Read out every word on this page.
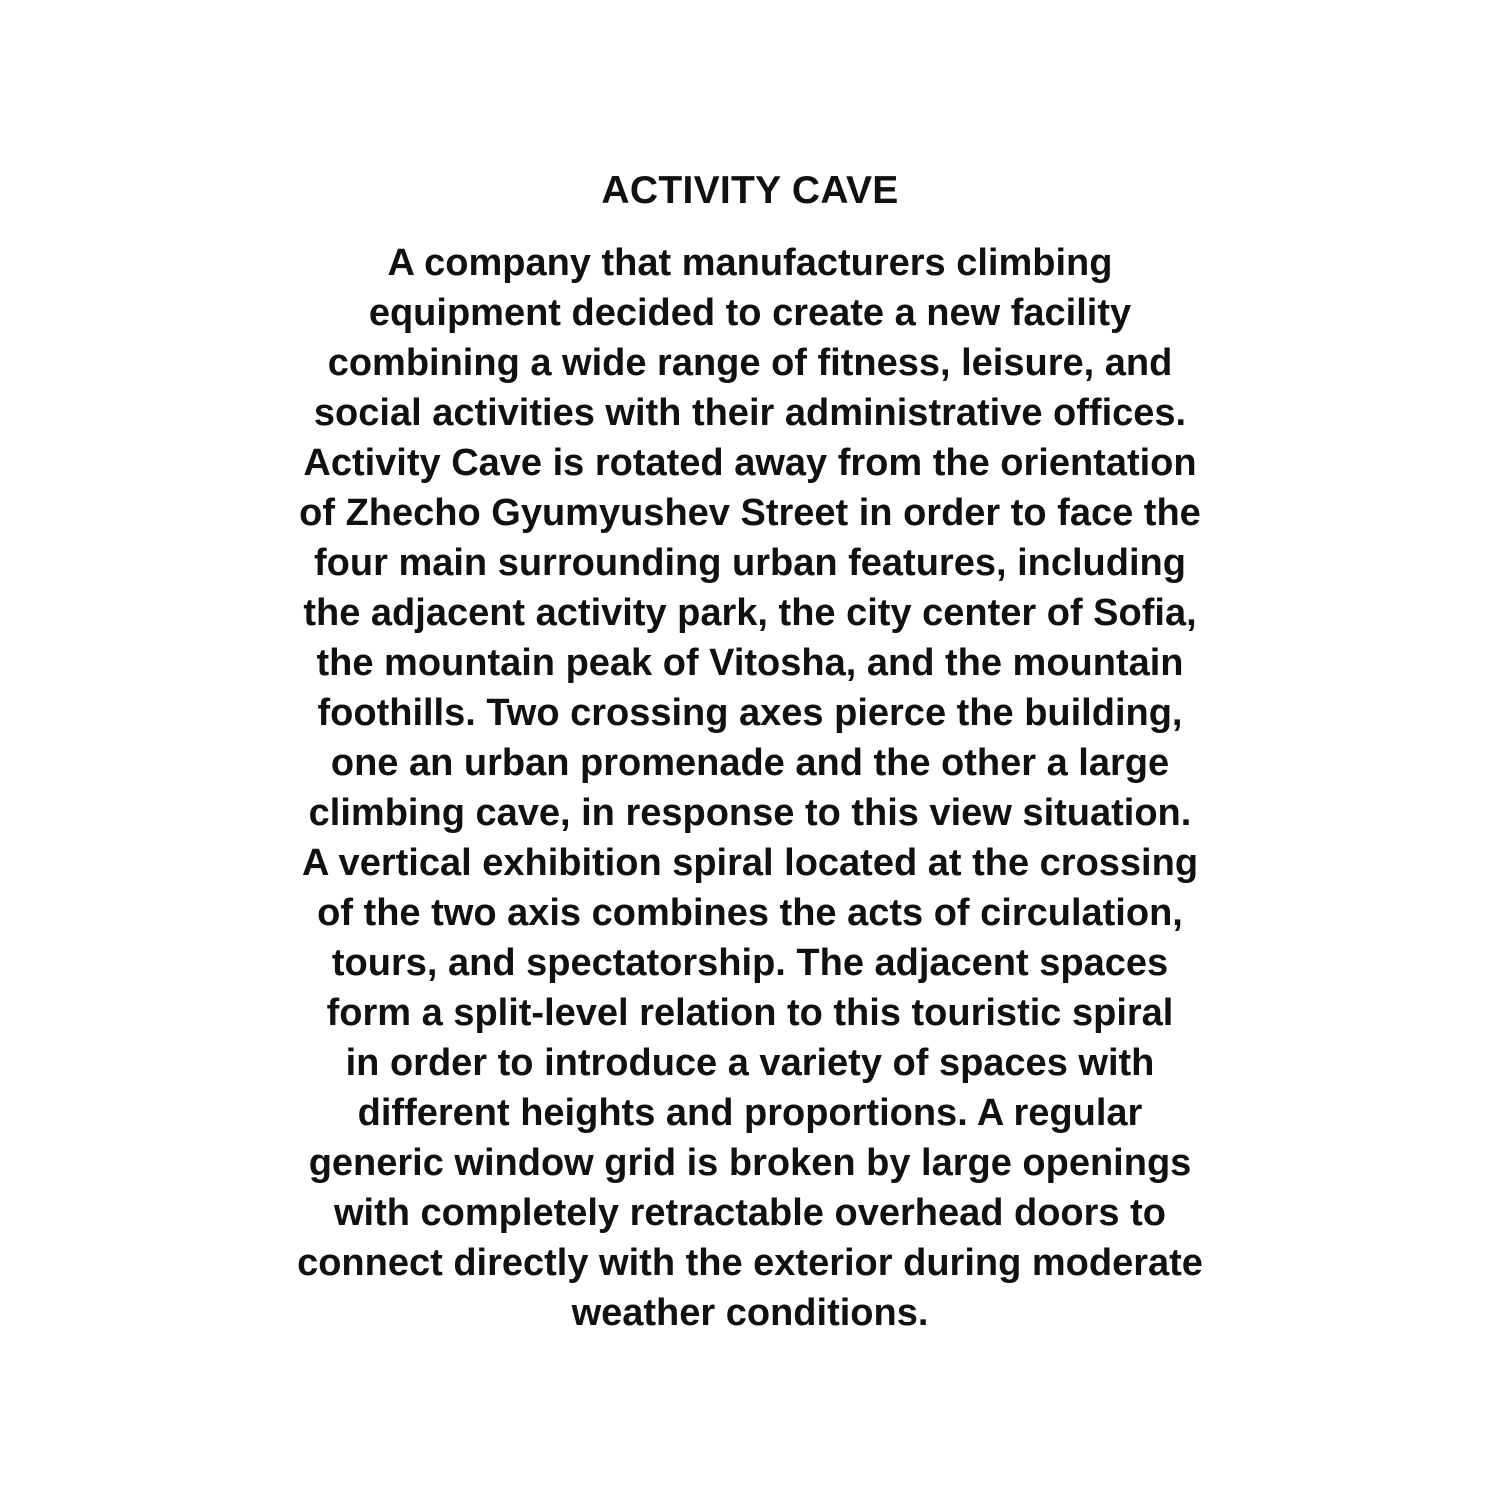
ACTIVITY CAVE
A company that manufacturers climbing
equipment decided to create a new facility
combining a wide range of fitness, leisure, and
social activities with their administrative offices.
Activity Cave is rotated away from the orientation
of Zhecho Gyumyushev Street in order to face the
four main surrounding urban features, including
the adjacent activity park, the city center of Sofia,
the mountain peak of Vitosha, and the mountain
foothills. Two crossing axes pierce the building,
one an urban promenade and the other a large
climbing cave, in response to this view situation.
A vertical exhibition spiral located at the crossing
of the two axis combines the acts of circulation,
tours, and spectatorship. The adjacent spaces
form a split-level relation to this touristic spiral
in order to introduce a variety of spaces with
different heights and proportions. A regular
generic window grid is broken by large openings
with completely retractable overhead doors to
connect directly with the exterior during moderate
weather conditions.
